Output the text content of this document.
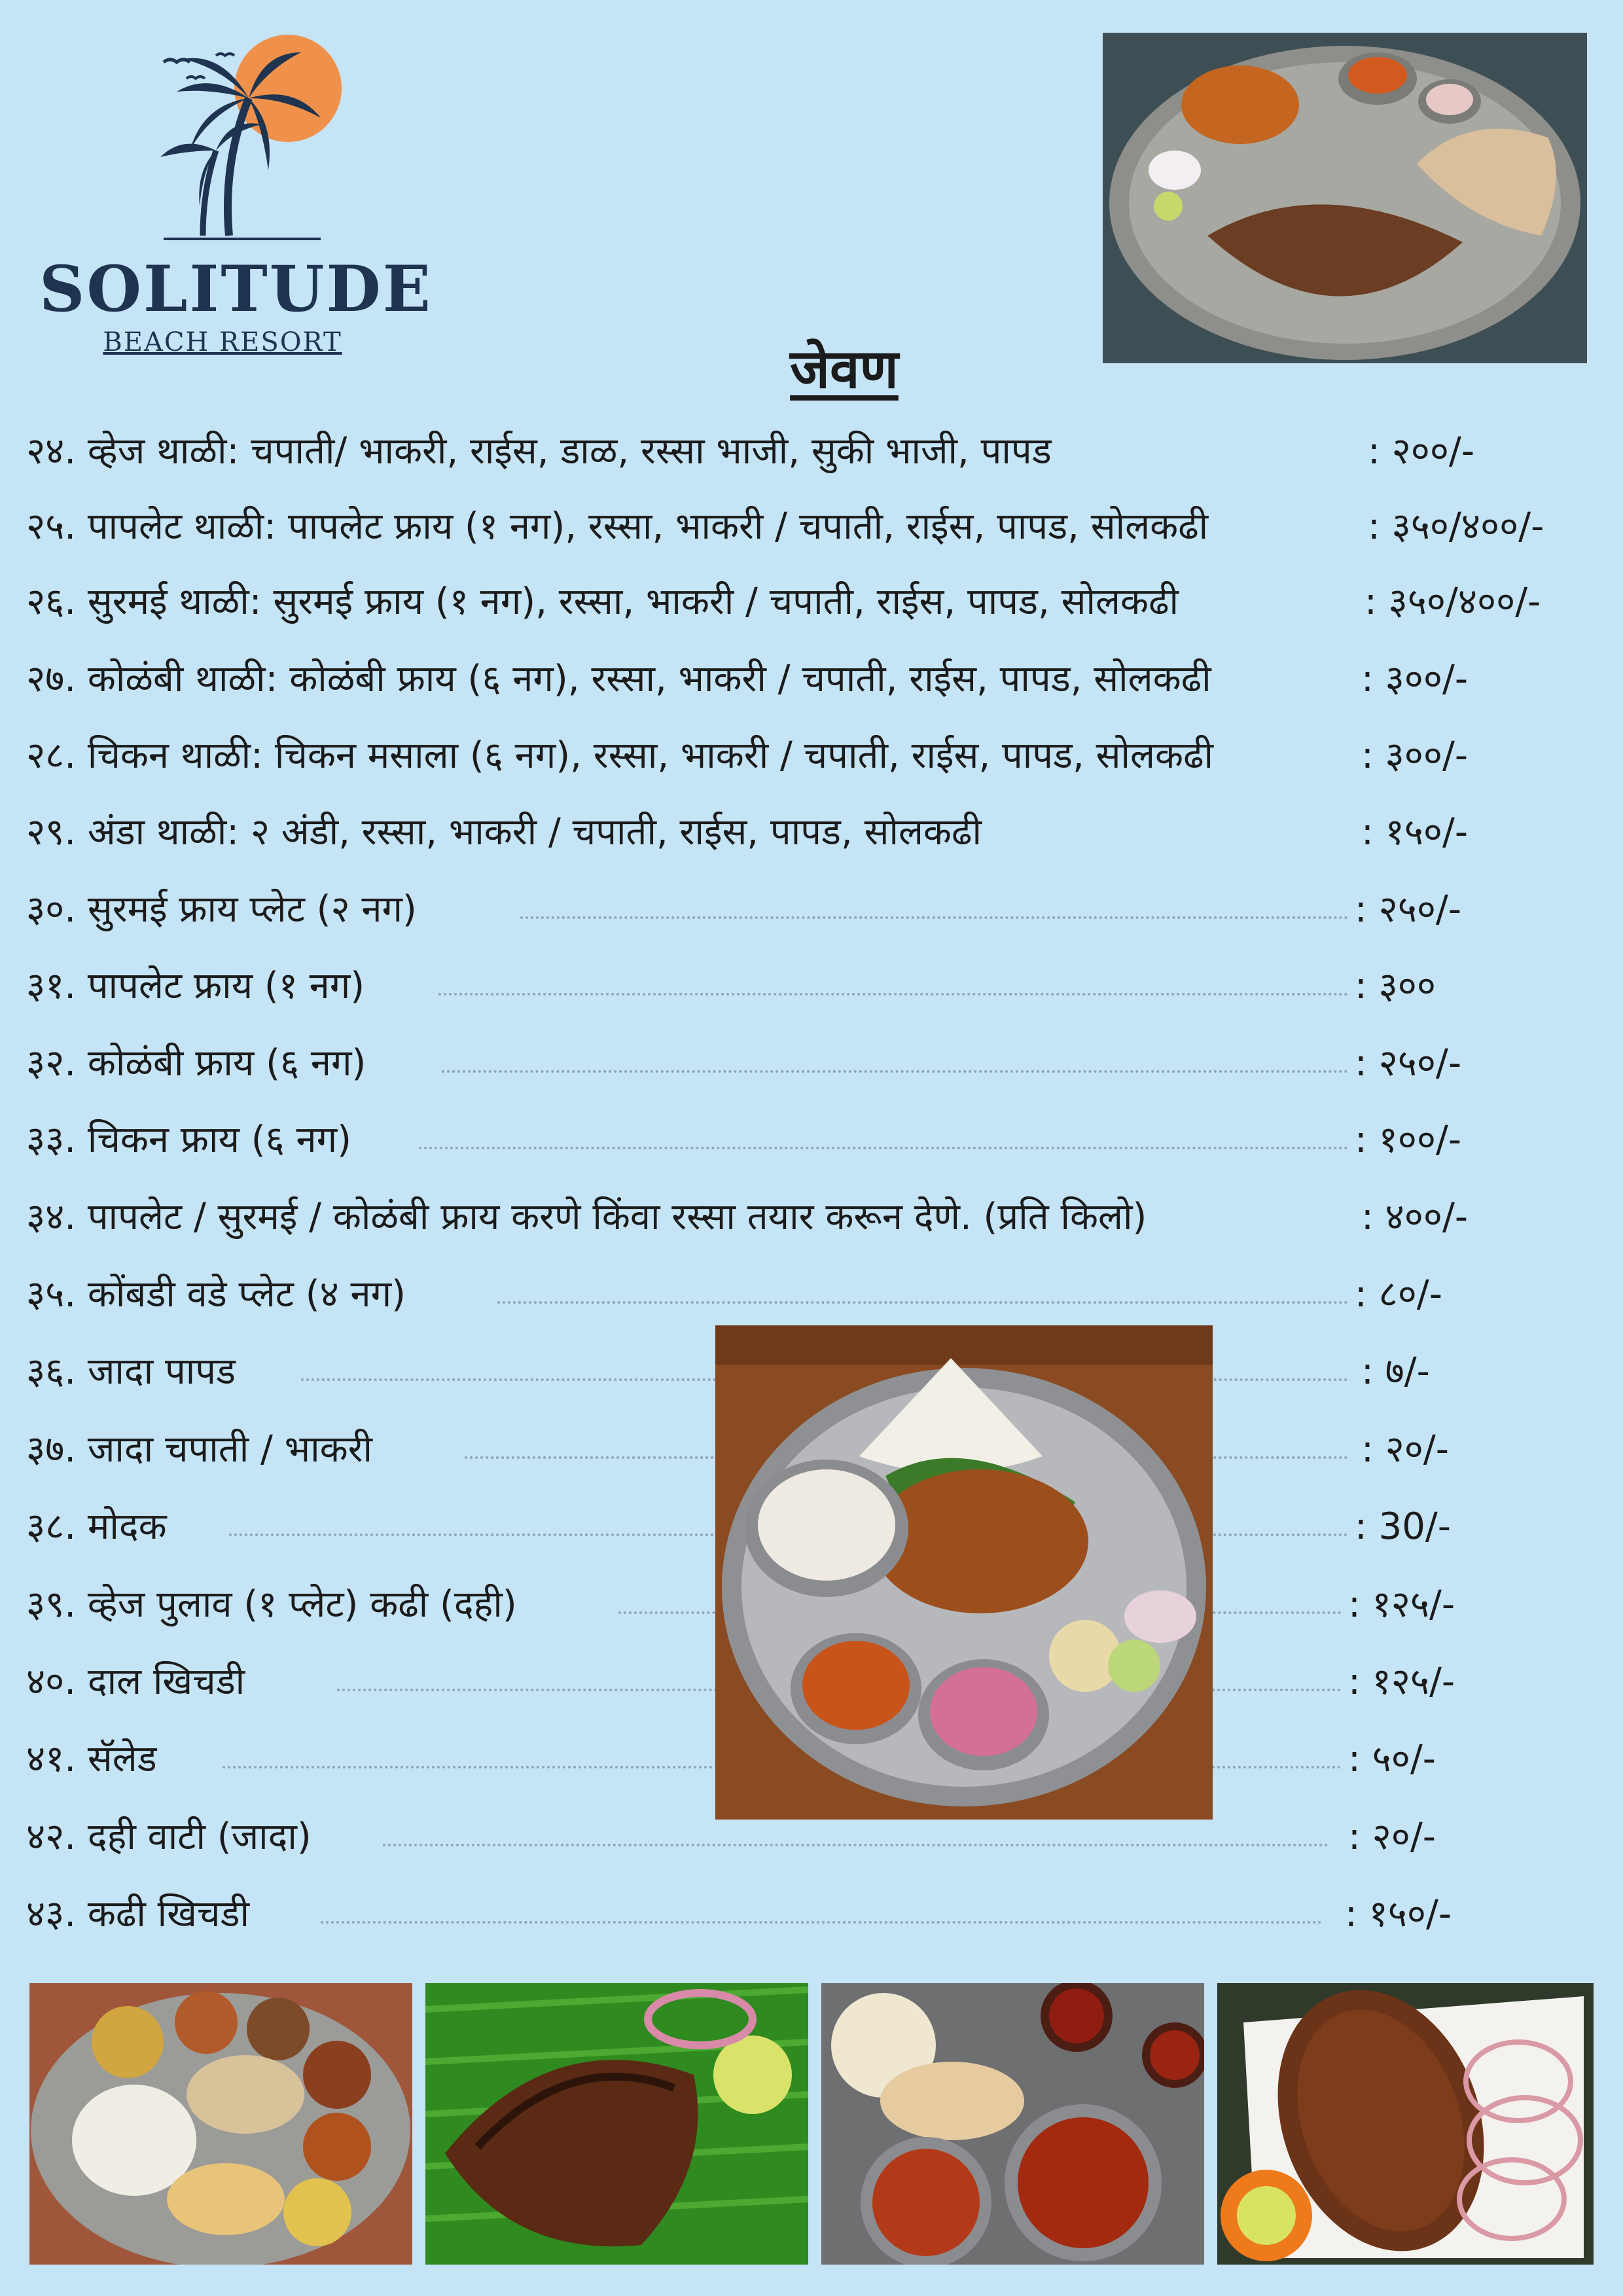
SOLITUDE
BEACH RESORT	जेवण
२४. व्हेज थाळी: चपाती/ भाकरी, राईस, डाळ, रस्सा भाजी, सुकी भाजी, पापड	: २००/-
२५. पापलेट थाळी: पापलेट फ्राय (१ नग), रस्सा, भाकरी / चपाती, राईस, पापड, सोलकढी	: ३५०/४००/-
२६. सुरमई थाळी: सुरमई फ्राय (१ नग), रस्सा, भाकरी / चपाती, राईस, पापड, सोलकढी	: ३५०/४००/-
२७. कोळंबी थाळी: कोळंबी फ्राय (६ नग), रस्सा, भाकरी / चपाती, राईस, पापड, सोलकढी	: ३००/-
२८. चिकन थाळी: चिकन मसाला (६ नग), रस्सा, भाकरी / चपाती, राईस, पापड, सोलकढी	: ३००/-
२९. अंडा थाळी: २ अंडी, रस्सा, भाकरी / चपाती, राईस, पापड, सोलकढी	: १५०/-
३०. सुरमई फ्राय प्लेट (२ नग)	: २५०/-
३१. पापलेट फ्राय (१ नग)	: ३००
३२. कोळंबी फ्राय (६ नग)	: २५०/-
३३. चिकन फ्राय (६ नग)	: १००/-
३४. पापलेट / सुरमई / कोळंबी फ्राय करणे किंवा रस्सा तयार करून देणे. (प्रति किलो)	: ४००/-
३५. कोंबडी वडे प्लेट (४ नग)	: ८०/-
३६. जादा पापड	: ७/-
३७. जादा चपाती / भाकरी	: २०/-
३८. मोदक	: 30/-
३९. व्हेज पुलाव (१ प्लेट) कढी (दही)	: १२५/-
४०. दाल खिचडी	: १२५/-
४१. सॅलेड	: ५०/-
४२. दही वाटी (जादा)	: २०/-
४३. कढी खिचडी	: १५०/-
